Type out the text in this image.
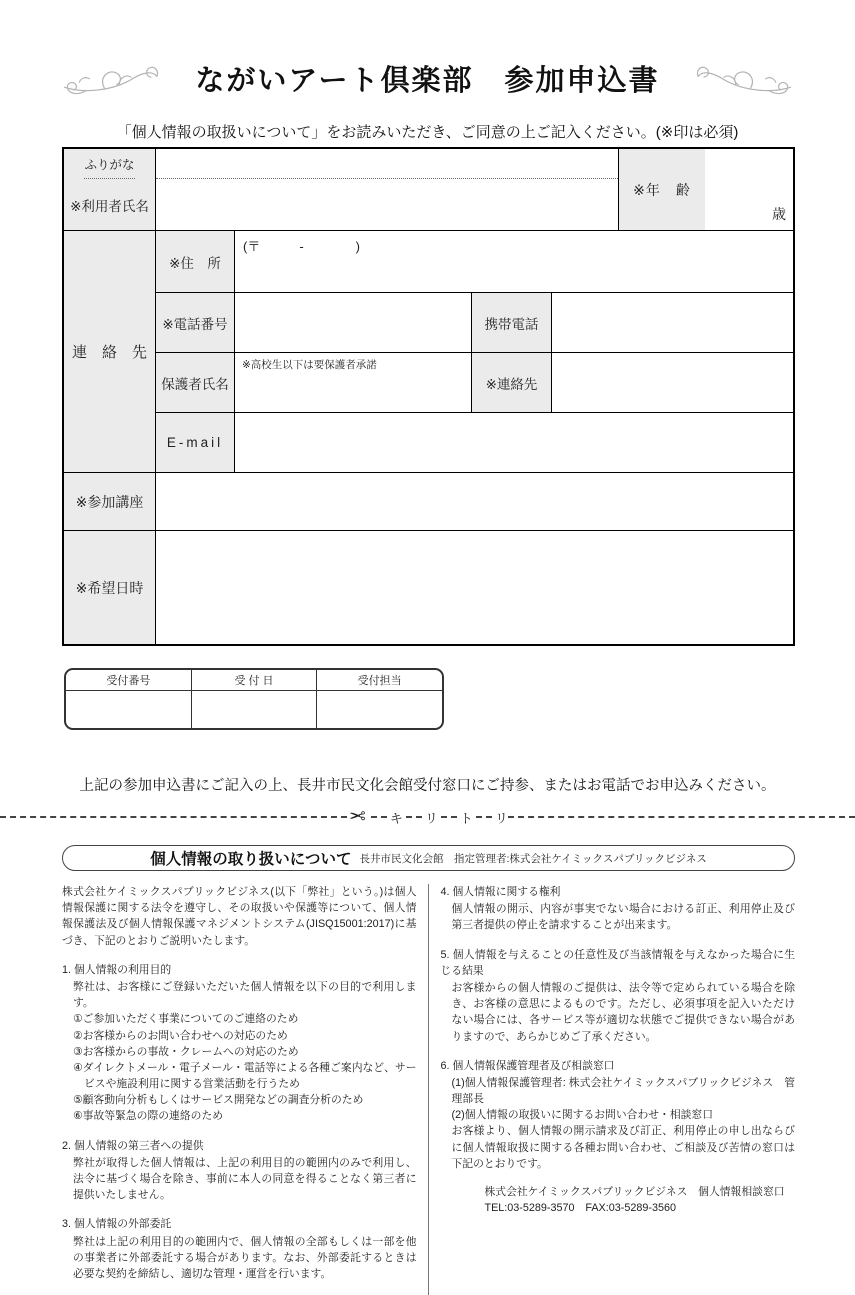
ながいアート倶楽部　参加申込書
「個人情報の取扱いについて」をお読みいただき、ご同意の上ご記入ください。(※印は必須)
ふりがな
※利用者氏名
※年　齢
歳
連　絡　先
※住　所
(〒　　　-　　　　)
※電話番号	携帯電話
保護者氏名
※高校生以下は要保護者承諾
※連絡先
E-mail
※参加講座
※希望日時
受付番号	受 付 日	受付担当
上記の参加申込書にご記入の上、長井市民文化会館受付窓口にご持参、またはお電話でお申込みください。
✂ キ リ ト リ
個人情報の取り扱いについて 長井市民文化会館　指定管理者:株式会社ケイミックスパブリックビジネス
株式会社ケイミックスパブリックビジネス(以下「弊社」という。)は個人情報保護に関する法令を遵守し、その取扱いや保護等について、個人情報保護法及び個人情報保護マネジメントシステム(JISQ15001:2017)に基づき、下記のとおりご説明いたします。
1. 個人情報の利用目的
弊社は、お客様にご登録いただいた個人情報を以下の目的で利用します。
①ご参加いただく事業についてのご連絡のため
②お客様からのお問い合わせへの対応のため
③お客様からの事故・クレームへの対応のため
④ダイレクトメール・電子メール・電話等による各種ご案内など、サービスや施設利用に関する営業活動を行うため
⑤顧客動向分析もしくはサービス開発などの調査分析のため
⑥事故等緊急の際の連絡のため
2. 個人情報の第三者への提供
弊社が取得した個人情報は、上記の利用目的の範囲内のみで利用し、法令に基づく場合を除き、事前に本人の同意を得ることなく第三者に提供いたしません。
3. 個人情報の外部委託
弊社は上記の利用目的の範囲内で、個人情報の全部もしくは一部を他の事業者に外部委託する場合があります。なお、外部委託するときは必要な契約を締結し、適切な管理・運営を行います。
4. 個人情報に関する権利
個人情報の開示、内容が事実でない場合における訂正、利用停止及び第三者提供の停止を請求することが出来ます。
5. 個人情報を与えることの任意性及び当該情報を与えなかった場合に生じる結果
お客様からの個人情報のご提供は、法令等で定められている場合を除き、お客様の意思によるものです。ただし、必須事項を記入いただけない場合には、各サービス等が適切な状態でご提供できない場合がありますので、あらかじめご了承ください。
6. 個人情報保護管理者及び相談窓口
(1)個人情報保護管理者: 株式会社ケイミックスパブリックビジネス　管理部長
(2)個人情報の取扱いに関するお問い合わせ・相談窓口
お客様より、個人情報の開示請求及び訂正、利用停止の申し出ならびに個人情報取扱に関する各種お問い合わせ、ご相談及び苦情の窓口は下記のとおりです。
株式会社ケイミックスパブリックビジネス　個人情報相談窓口
TEL:03-5289-3570　FAX:03-5289-3560
